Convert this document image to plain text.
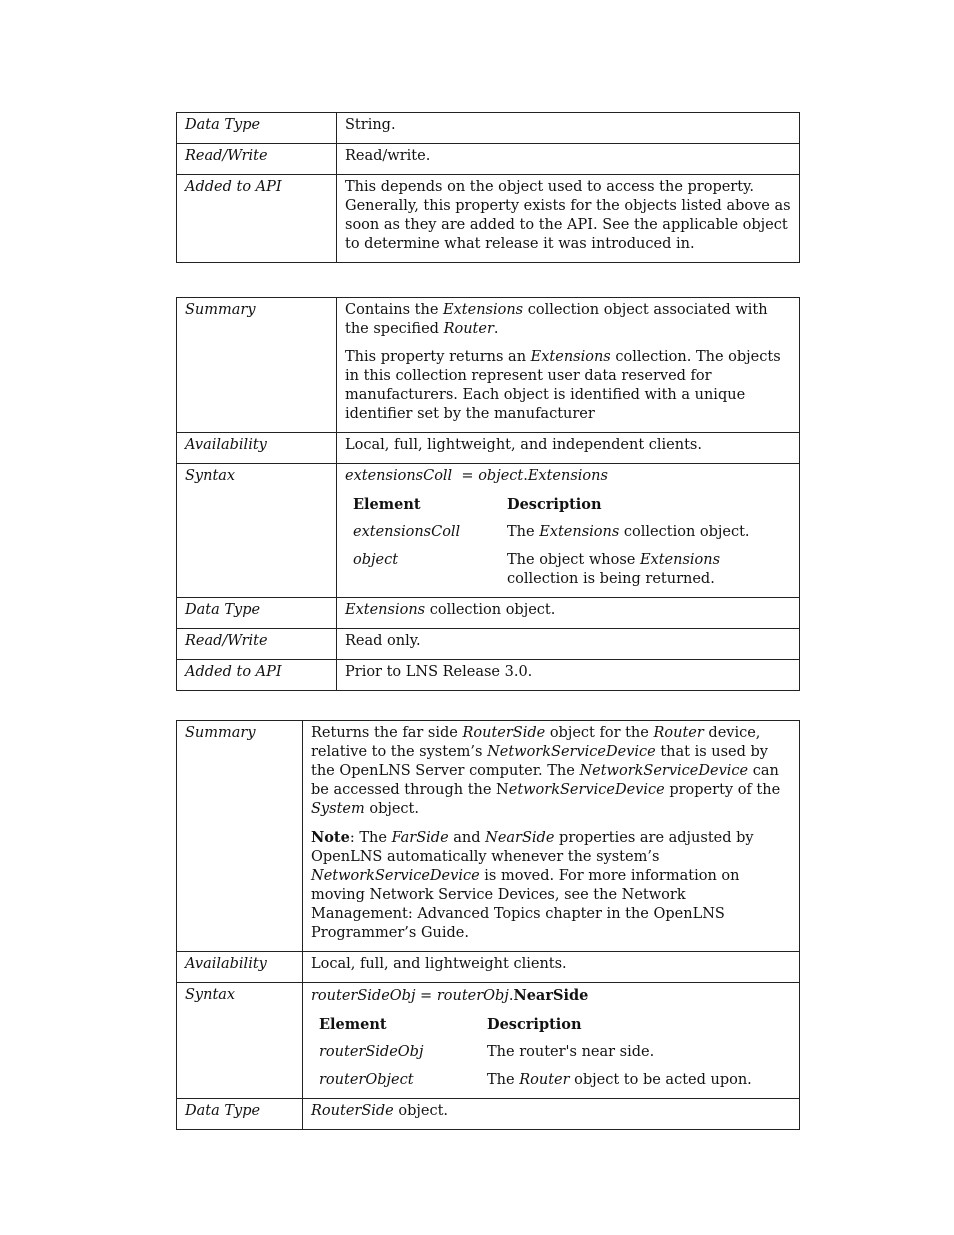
Data Type	String.
Read/Write	Read/write.
Added to API	This depends on the object used to access the property. Generally, this property exists for the objects listed above as soon as they are added to the API. See the applicable object to determine what release it was introduced in.
Summary	Contains the Extensions collection object associated with the specified Router.

This property returns an Extensions collection. The objects in this collection represent user data reserved for manufacturers. Each object is identified with a unique identifier set by the manufacturer

Availability	Local, full, lightweight, and independent clients.
Syntax	extensionsColl  = object.Extensions

Element	Description
extensionsColl	The Extensions collection object.
object	The object whose Extensions
collection is being returned.

Data Type	Extensions collection object.
Read/Write	Read only.
Added to API	Prior to LNS Release 3.0.
Summary	Returns the far side RouterSide object for the Router device, relative to the system’s NetworkServiceDevice that is used by the OpenLNS Server computer. The NetworkServiceDevice can be accessed through the NetworkServiceDevice property of the System object.

Note: The FarSide and NearSide properties are adjusted by OpenLNS automatically whenever the system’s NetworkServiceDevice is moved. For more information on moving Network Service Devices, see the Network Management: Advanced Topics chapter in the OpenLNS Programmer’s Guide.

Availability	Local, full, and lightweight clients.
Syntax	routerSideObj = routerObj.NearSide

Element	Description
routerSideObj	The router's near side.
routerObject	The Router object to be acted upon.

Data Type	RouterSide object.
